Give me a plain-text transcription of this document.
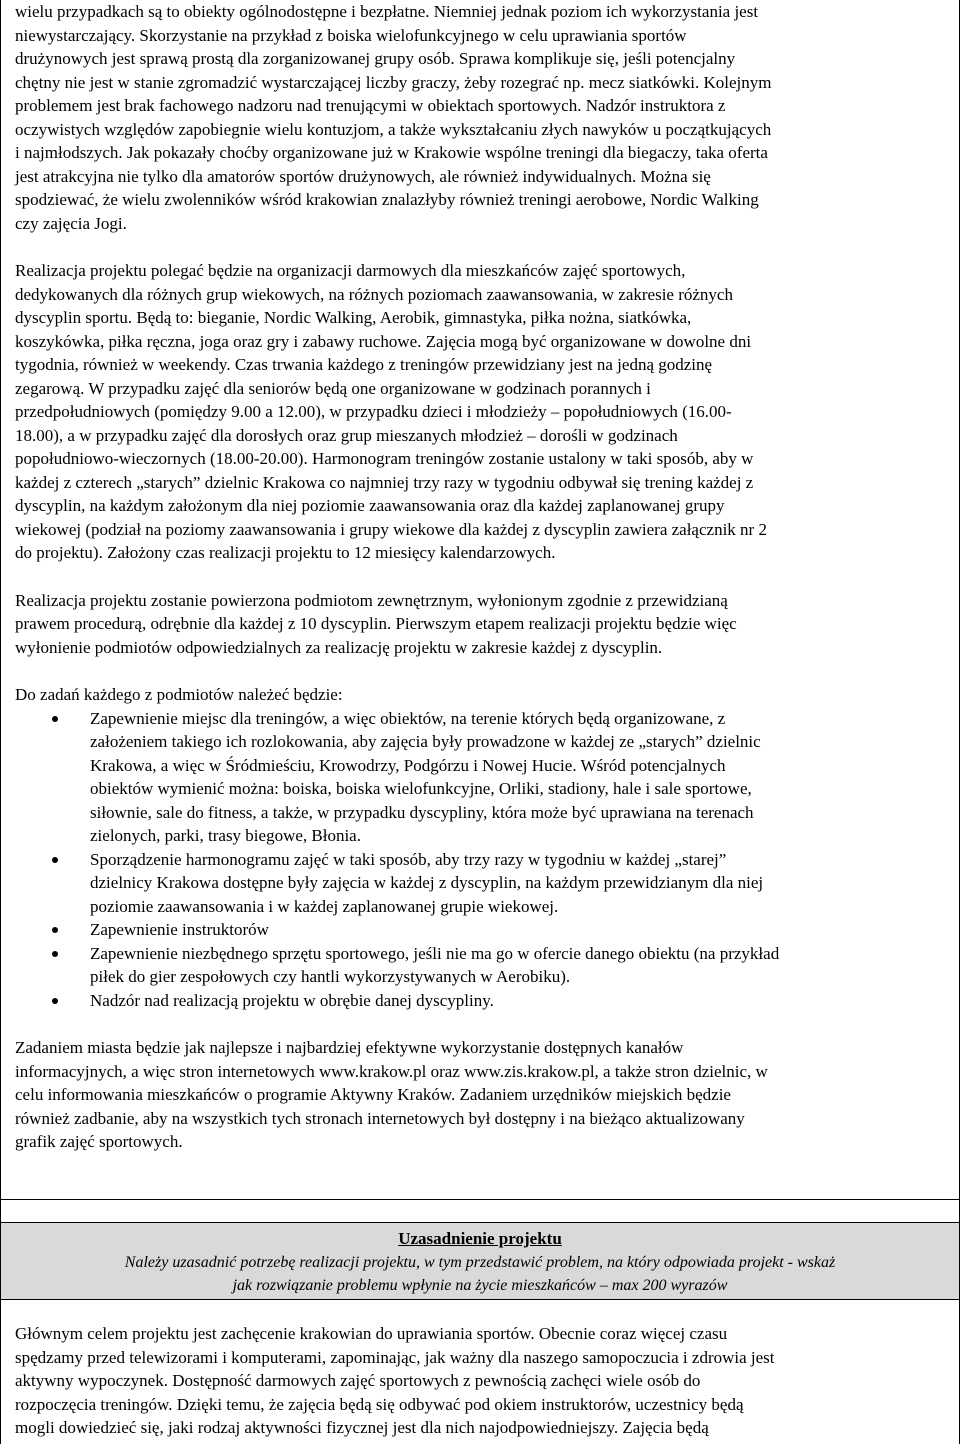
wielu przypadkach są to obiekty ogólnodostępne i bezpłatne. Niemniej jednak poziom ich wykorzystania jest
niewystarczający. Skorzystanie na przykład z boiska wielofunkcyjnego w celu uprawiania sportów
drużynowych jest sprawą prostą dla zorganizowanej grupy osób. Sprawa komplikuje się, jeśli potencjalny
chętny nie jest w stanie zgromadzić wystarczającej liczby graczy, żeby rozegrać np. mecz siatkówki. Kolejnym
problemem jest brak fachowego nadzoru nad trenującymi w obiektach sportowych. Nadzór instruktora z
oczywistych względów zapobiegnie wielu kontuzjom, a także wykształcaniu złych nawyków u początkujących
i najmłodszych. Jak pokazały choćby organizowane już w Krakowie wspólne treningi dla biegaczy, taka oferta
jest atrakcyjna nie tylko dla amatorów sportów drużynowych, ale również indywidualnych. Można się
spodziewać, że wielu zwolenników wśród krakowian znalazłyby również treningi aerobowe, Nordic Walking
czy zajęcia Jogi.

Realizacja projektu polegać będzie na organizacji darmowych dla mieszkańców zajęć sportowych,
dedykowanych dla różnych grup wiekowych, na różnych poziomach zaawansowania, w zakresie różnych
dyscyplin sportu. Będą to: bieganie, Nordic Walking, Aerobik, gimnastyka, piłka nożna, siatkówka,
koszykówka, piłka ręczna, joga oraz gry i zabawy ruchowe. Zajęcia mogą być organizowane w dowolne dni
tygodnia, również w weekendy. Czas trwania każdego z treningów przewidziany jest na jedną godzinę
zegarową. W przypadku zajęć dla seniorów będą one organizowane w godzinach porannych i
przedpołudniowych (pomiędzy 9.00 a 12.00), w przypadku dzieci i młodzieży – popołudniowych (16.00-
18.00), a w przypadku zajęć dla dorosłych oraz grup mieszanych młodzież – dorośli w godzinach
popołudniowo-wieczornych (18.00-20.00). Harmonogram treningów zostanie ustalony w taki sposób, aby w
każdej z czterech „starych” dzielnic Krakowa co najmniej trzy razy w tygodniu odbywał się trening każdej z
dyscyplin, na każdym założonym dla niej poziomie zaawansowania oraz dla każdej zaplanowanej grupy
wiekowej (podział na poziomy zaawansowania i grupy wiekowe dla każdej z dyscyplin zawiera załącznik nr 2
do projektu). Założony czas realizacji projektu to 12 miesięcy kalendarzowych.

Realizacja projektu zostanie powierzona podmiotom zewnętrznym, wyłonionym zgodnie z przewidzianą
prawem procedurą, odrębnie dla każdej z 10 dyscyplin. Pierwszym etapem realizacji projektu będzie więc
wyłonienie podmiotów odpowiedzialnych za realizację projektu w zakresie każdej z dyscyplin.

Do zadań każdego z podmiotów należeć będzie:

Zapewnienie miejsc dla treningów, a więc obiektów, na terenie których będą organizowane, z
założeniem takiego ich rozlokowania, aby zajęcia były prowadzone w każdej ze „starych” dzielnic
Krakowa, a więc w Śródmieściu, Krowodrzy, Podgórzu i Nowej Hucie. Wśród potencjalnych
obiektów wymienić można: boiska, boiska wielofunkcyjne, Orliki, stadiony, hale i sale sportowe,
siłownie, sale do fitness, a także, w przypadku dyscypliny, która może być uprawiana na terenach
zielonych, parki, trasy biegowe, Błonia.
Sporządzenie harmonogramu zajęć w taki sposób, aby trzy razy w tygodniu w każdej „starej”
dzielnicy Krakowa dostępne były zajęcia w każdej z dyscyplin, na każdym przewidzianym dla niej
poziomie zaawansowania i w każdej zaplanowanej grupie wiekowej.
Zapewnienie instruktorów
Zapewnienie niezbędnego sprzętu sportowego, jeśli nie ma go w ofercie danego obiektu (na przykład
piłek do gier zespołowych czy hantli wykorzystywanych w Aerobiku).
Nadzór nad realizacją projektu w obrębie danej dyscypliny.

Zadaniem miasta będzie jak najlepsze i najbardziej efektywne wykorzystanie dostępnych kanałów
informacyjnych, a więc stron internetowych www.krakow.pl oraz www.zis.krakow.pl, a także stron dzielnic, w
celu informowania mieszkańców o programie Aktywny Kraków. Zadaniem urzędników miejskich będzie
również zadbanie, aby na wszystkich tych stronach internetowych był dostępny i na bieżąco aktualizowany
grafik zajęć sportowych.

Uzasadnienie projektu
Należy uzasadnić potrzebę realizacji projektu, w tym przedstawić problem, na który odpowiada projekt - wskaż
jak rozwiązanie problemu wpłynie na życie mieszkańców – max 200 wyrazów

Głównym celem projektu jest zachęcenie krakowian do uprawiania sportów. Obecnie coraz więcej czasu
spędzamy przed telewizorami i komputerami, zapominając, jak ważny dla naszego samopoczucia i zdrowia jest
aktywny wypoczynek. Dostępność darmowych zajęć sportowych z pewnością zachęci wiele osób do
rozpoczęcia treningów. Dzięki temu, że zajęcia będą się odbywać pod okiem instruktorów, uczestnicy będą
mogli dowiedzieć się, jaki rodzaj aktywności fizycznej jest dla nich najodpowiedniejszy. Zajęcia będą
